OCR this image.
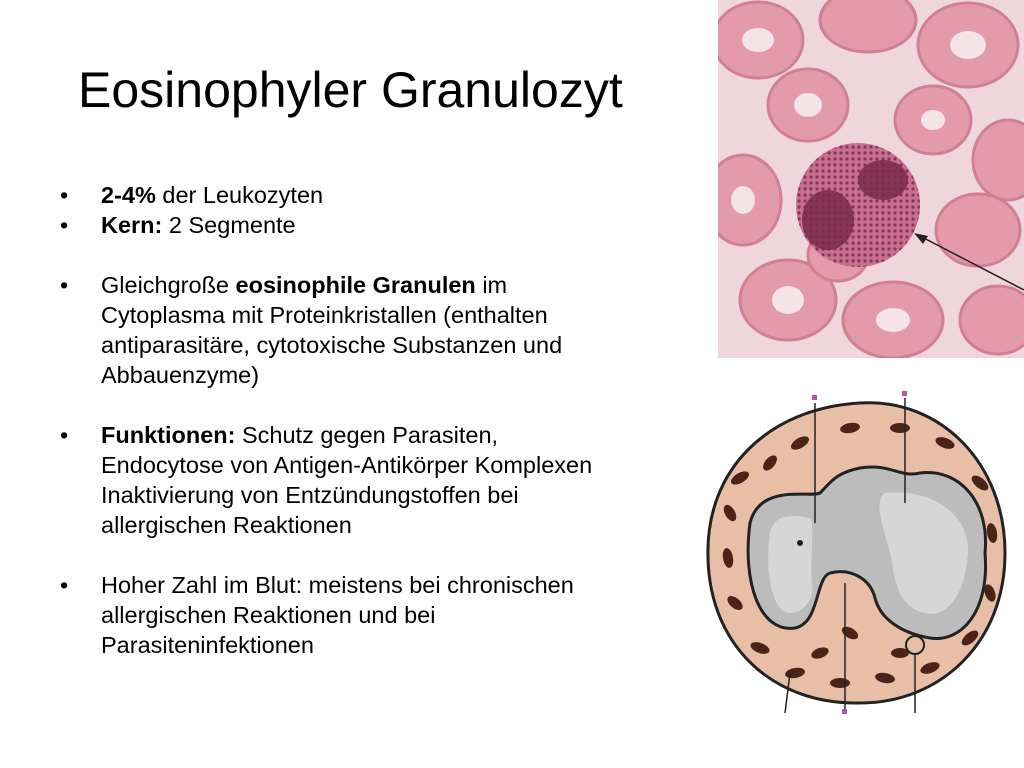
Eosinophyler Granulozyt
•	2-4% der Leukozyten
•	Kern: 2 Segmente
•	Gleichgroße eosinophile Granulen im
Cytoplasma mit Proteinkristallen (enthalten
antiparasitäre, cytotoxische Substanzen und
Abbauenzyme)
•	Funktionen: Schutz gegen Parasiten,
Endocytose von Antigen-Antikörper Komplexen
Inaktivierung von Entzündungstoffen bei
allergischen Reaktionen
•	Hoher Zahl im Blut: meistens bei chronischen
allergischen Reaktionen und bei
Parasiteninfektionen
